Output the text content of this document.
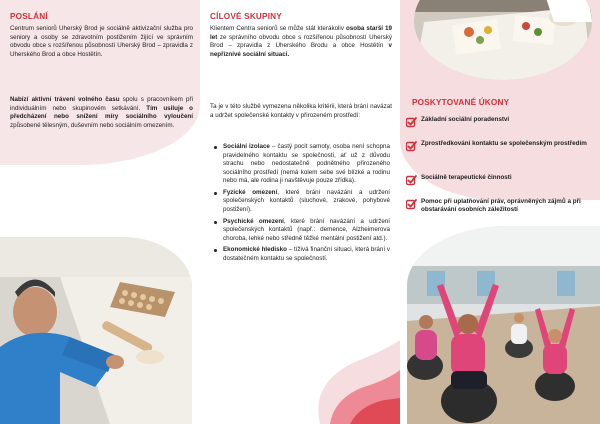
POSLÁNÍ

Centrum seniorů Uherský Brod je sociálně aktivizační služba pro seniory a osoby se zdravotním postižením žijící ve správním obvodu obce s rozšířenou působností Uherský Brod – zpravidla z Uherského Brod a obce Hostětín.

Nabízí aktivní trávení volného času spolu s pracovníkem při individuálním nebo skupinovém setkávání. Tím usiluje o předcházení nebo snížení míry sociálního vyloučení způsobené tělesným, duševním nebo sociálním omezením.

CÍLOVÉ SKUPINY

Klientem Centra seniorů se může stát kterákoliv osoba starší 19 let ze správního obvodu obce s rozšířenou působností Uherský Brod – zpravidla z Uherského Brodu a obce Hostětín v nepříznivé sociální situaci.

Ta je v této službě vymezena několika kritérii, která brání navázat a udržet společenské kontakty v přirozeném prostředí:

Sociální izolace – častý pocit samoty, osoba není schopna pravidelného kontaktu se společností, ať už z důvodu strachu nebo nedostatečně podnětného přirozeného sociálního prostředí (nemá kolem sebe své blízké a rodinu nebo má, ale rodina ji navštěvuje pouze zřídka).
Fyzické omezení, které brání navázání a udržení společenských kontaktů (sluchové, zrakové, pohybové postižení).
Psychické omezení, které brání navázání a udržení společenských kontaktů (např.: demence, Alzheimerova choroba, lehké nebo středně těžké mentální postižení atd.).
Ekonomické hledisko – tíživá finanční situaci, která brání v dostatečném kontaktu se společností.
POSKYTOVANÉ ÚKONY
Základní sociální poradenství
Zprostředkování kontaktu se společenským prostředím
Sociálně terapeutické činnosti
Pomoc při uplatňování práv, oprávněných zájmů a při obstarávání osobních záležitostí
